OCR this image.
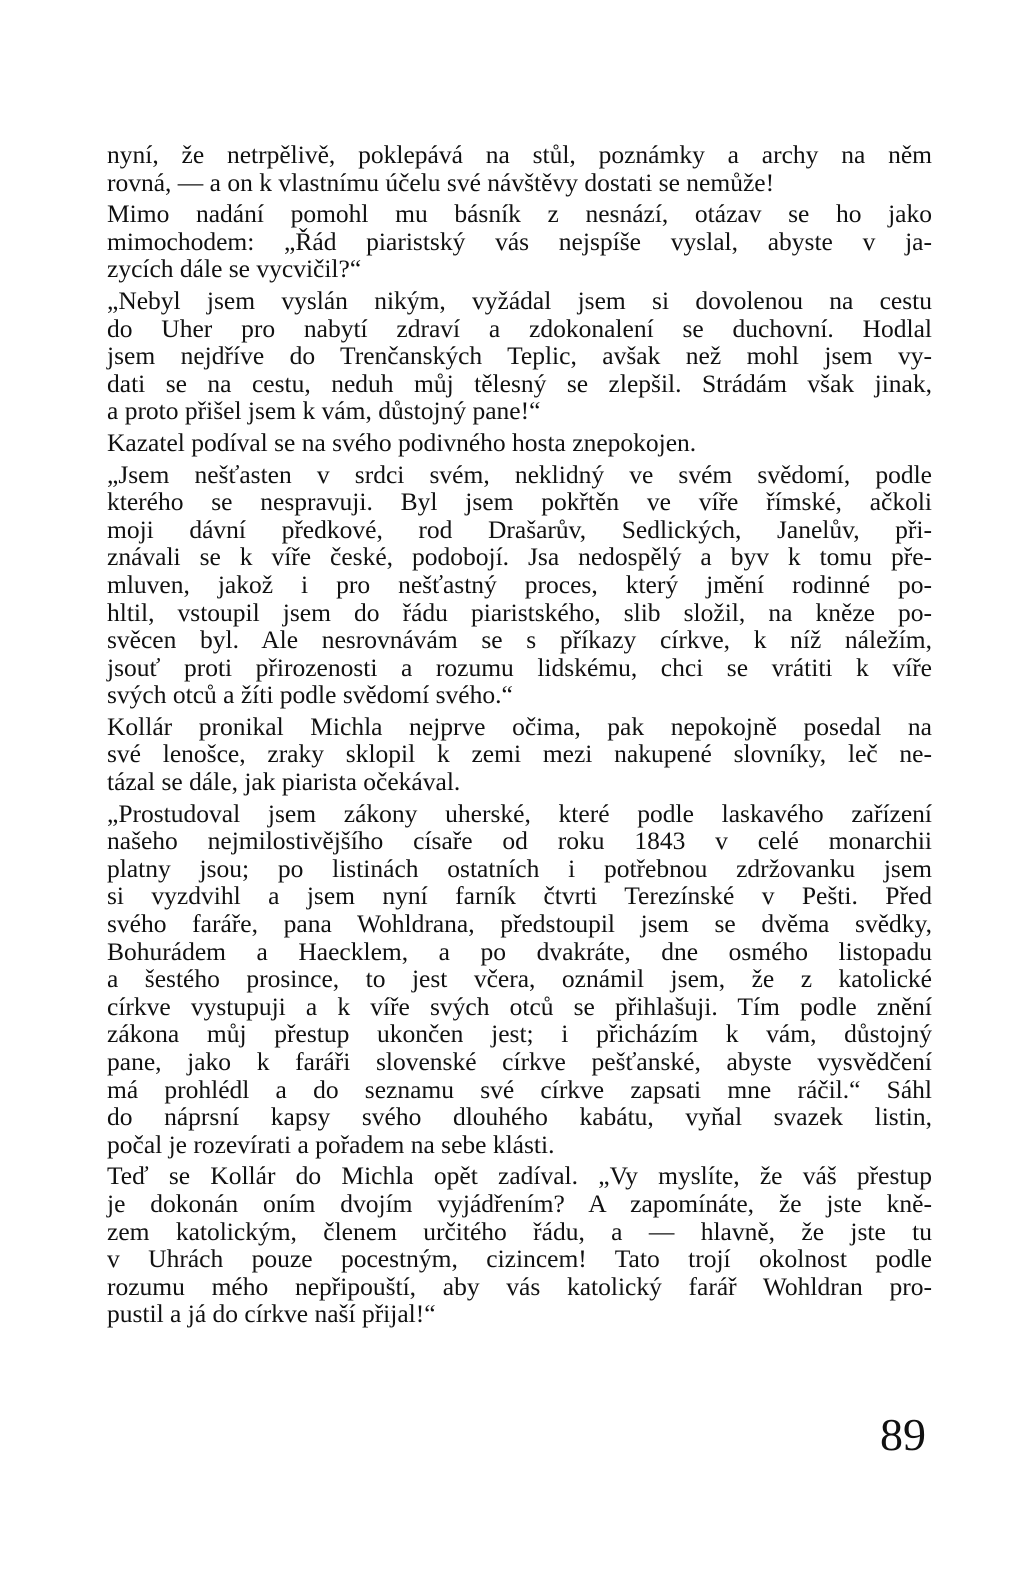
nyní, že netrpělivě, poklepává na stůl, poznámky a archy na něm
rovná, — a on k vlastnímu účelu své návštěvy dostati se nemůže!
Mimo nadání pomohl mu básník z nesnází, otázav se ho jako
mimochodem: „Řád piaristský vás nejspíše vyslal, abyste v ja-
zycích dále se vycvičil?“
„Nebyl jsem vyslán nikým, vyžádal jsem si dovolenou na cestu
do Uher pro nabytí zdraví a zdokonalení se duchovní. Hodlal
jsem nejdříve do Trenčanských Teplic, avšak než mohl jsem vy-
dati se na cestu, neduh můj tělesný se zlepšil. Strádám však jinak,
a proto přišel jsem k vám, důstojný pane!“
Kazatel podíval se na svého podivného hosta znepokojen.
„Jsem nešťasten v srdci svém, neklidný ve svém svědomí, podle
kterého se nespravuji. Byl jsem pokřtěn ve víře římské, ačkoli
moji dávní předkové, rod Drašarův, Sedlických, Janelův, při-
znávali se k víře české, podobojí. Jsa nedospělý a byv k tomu pře-
mluven, jakož i pro nešťastný proces, který jmění rodinné po-
hltil, vstoupil jsem do řádu piaristského, slib složil, na kněze po-
svěcen byl. Ale nesrovnávám se s příkazy církve, k níž náležím,
jsouť proti přirozenosti a rozumu lidskému, chci se vrátiti k víře
svých otců a žíti podle svědomí svého.“
Kollár pronikal Michla nejprve očima, pak nepokojně posedal na
své lenošce, zraky sklopil k zemi mezi nakupené slovníky, leč ne-
tázal se dále, jak piarista očekával.
„Prostudoval jsem zákony uherské, které podle laskavého zařízení
našeho nejmilostivějšího císaře od roku 1843 v celé monarchii
platny jsou; po listinách ostatních i potřebnou zdržovanku jsem
si vyzdvihl a jsem nyní farník čtvrti Terezínské v Pešti. Před
svého faráře, pana Wohldrana, předstoupil jsem se dvěma svědky,
Bohurádem a Haecklem, a po dvakráte, dne osmého listopadu
a šestého prosince, to jest včera, oznámil jsem, že z katolické
církve vystupuji a k víře svých otců se přihlašuji. Tím podle znění
zákona můj přestup ukončen jest; i přicházím k vám, důstojný
pane, jako k faráři slovenské církve pešťanské, abyste vysvědčení
má prohlédl a do seznamu své církve zapsati mne ráčil.“ Sáhl
do náprsní kapsy svého dlouhého kabátu, vyňal svazek listin,
počal je rozevírati a pořadem na sebe klásti.
Teď se Kollár do Michla opět zadíval. „Vy myslíte, že váš přestup
je dokonán oním dvojím vyjádřením? A zapomínáte, že jste kně-
zem katolickým, členem určitého řádu, a — hlavně, že jste tu
v Uhrách pouze pocestným, cizincem! Tato trojí okolnost podle
rozumu mého nepřipouští, aby vás katolický farář Wohldran pro-
pustil a já do církve naší přijal!“
89
